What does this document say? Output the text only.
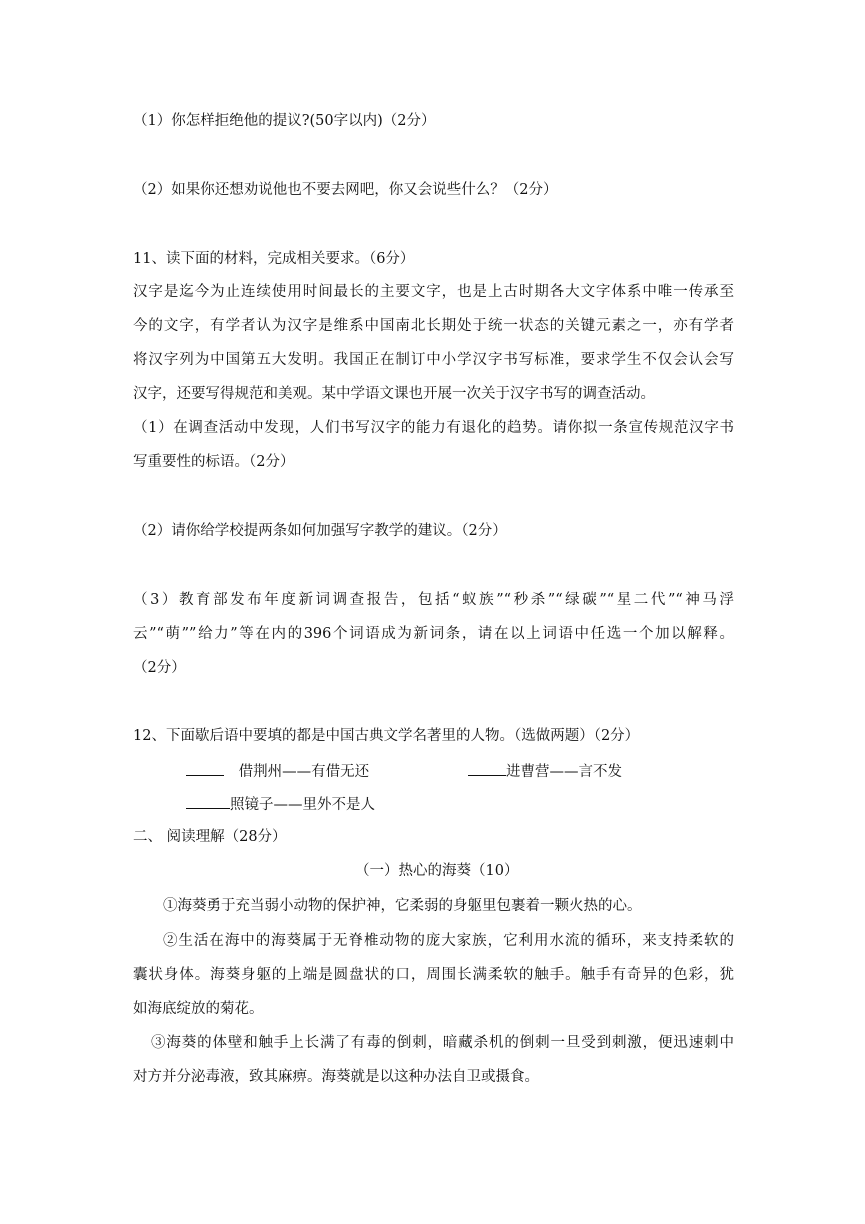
（1）你怎样拒绝他的提议?(50字以内)（2分）
（2）如果你还想劝说他也不要去网吧，你又会说些什么？（2分）
11、读下面的材料，完成相关要求。（6分）
汉字是迄今为止连续使用时间最长的主要文字，也是上古时期各大文字体系中唯一传承至
今的文字，有学者认为汉字是维系中国南北长期处于统一状态的关键元素之一，亦有学者
将汉字列为中国第五大发明。我国正在制订中小学汉字书写标准，要求学生不仅会认会写
汉字，还要写得规范和美观。某中学语文课也开展一次关于汉字书写的调查活动。
（1）在调查活动中发现，人们书写汉字的能力有退化的趋势。请你拟一条宣传规范汉字书
写重要性的标语。（2分）
（2）请你给学校提两条如何加强写字教学的建议。（2分）
（3）教育部发布年度新词调查报告，包括“蚁族”“秒杀”“绿碳”“星二代”“神马浮
云”“萌””给力”等在内的396个词语成为新词条，请在以上词语中任选一个加以解释。
（2分）
12、下面歇后语中要填的都是中国古典文学名著里的人物。（选做两题）（2分）
借荆州——有借无还	进曹营——言不发
照镜子——里外不是人
二、 阅读理解（28分）
（一）热心的海葵（10）
①海葵勇于充当弱小动物的保护神，它柔弱的身躯里包裹着一颗火热的心。
②生活在海中的海葵属于无脊椎动物的庞大家族，它利用水流的循环，来支持柔软的
囊状身体。海葵身躯的上端是圆盘状的口，周围长满柔软的触手。触手有奇异的色彩，犹
如海底绽放的菊花。
③海葵的体壁和触手上长满了有毒的倒刺，暗藏杀机的倒刺一旦受到刺激，便迅速刺中
对方并分泌毒液，致其麻痹。海葵就是以这种办法自卫或摄食。
